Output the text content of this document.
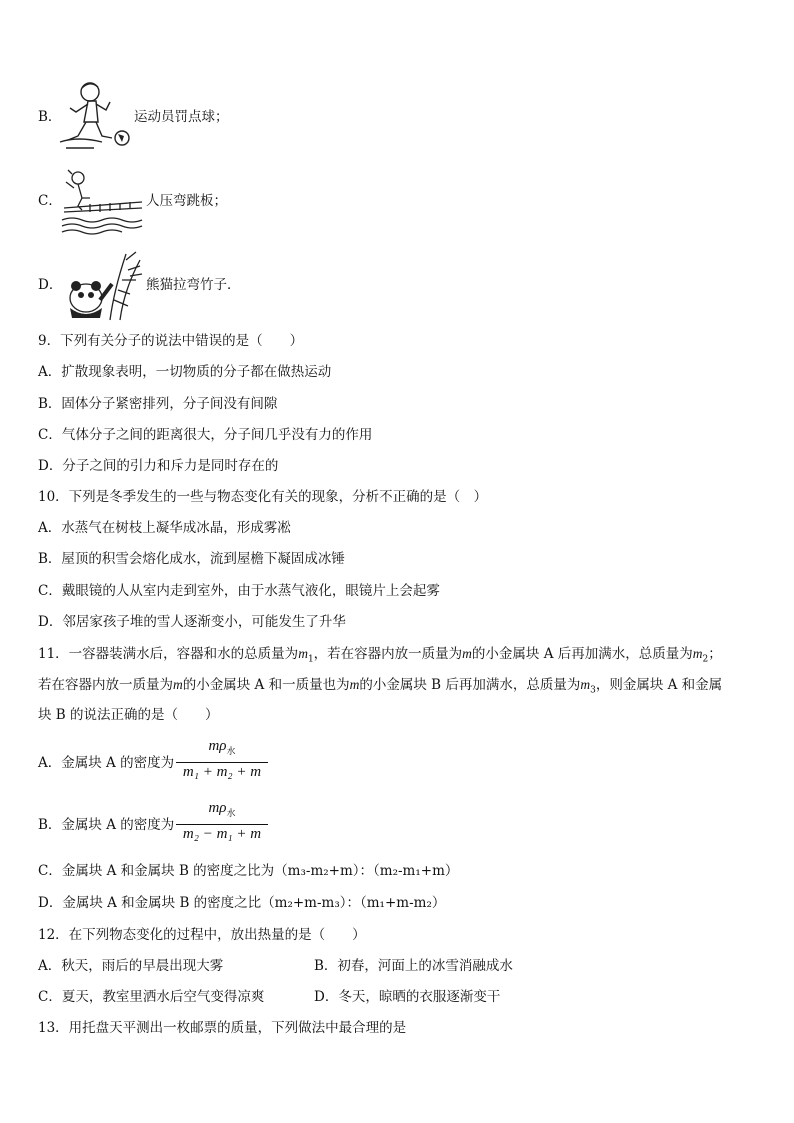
B．	运动员罚点球；
C．	人压弯跳板；
D．	熊猫拉弯竹子．
9．下列有关分子的说法中错误的是（　　）
A．扩散现象表明，一切物质的分子都在做热运动
B．固体分子紧密排列，分子间没有间隙
C．气体分子之间的距离很大，分子间几乎没有力的作用
D．分子之间的引力和斥力是同时存在的
10．下列是冬季发生的一些与物态变化有关的现象，分析不正确的是（　）
A．水蒸气在树枝上凝华成冰晶，形成雾凇
B．屋顶的积雪会熔化成水，流到屋檐下凝固成冰锤
C．戴眼镜的人从室内走到室外，由于水蒸气液化，眼镜片上会起雾
D．邻居家孩子堆的雪人逐渐变小，可能发生了升华
11．一容器装满水后，容器和水的总质量为$m_1$，若在容器内放一质量为m的小金属块 A 后再加满水，总质量为$m_2$；
若在容器内放一质量为m的小金属块 A 和一质量也为m的小金属块 B 后再加满水，总质量为$m_3$，则金属块 A 和金属
块 B 的说法正确的是（　　）
A．金属块 A 的密度为
$m\rho_水$
m₁ + m₂ + m
B．金属块 A 的密度为
$m\rho_水$
m₂ − m₁ + m
C．金属块 A 和金属块 B 的密度之比为（m₃-m₂+m）：（m₂-m₁+m）
D．金属块 A 和金属块 B 的密度之比（m₂+m-m₃）：（m₁+m-m₂）
12．在下列物态变化的过程中，放出热量的是（　　）
A．秋天，雨后的早晨出现大雾	B．初春，河面上的冰雪消融成水
C．夏天，教室里洒水后空气变得凉爽	D．冬天，晾晒的衣服逐渐变干
13．用托盘天平测出一枚邮票的质量，下列做法中最合理的是
